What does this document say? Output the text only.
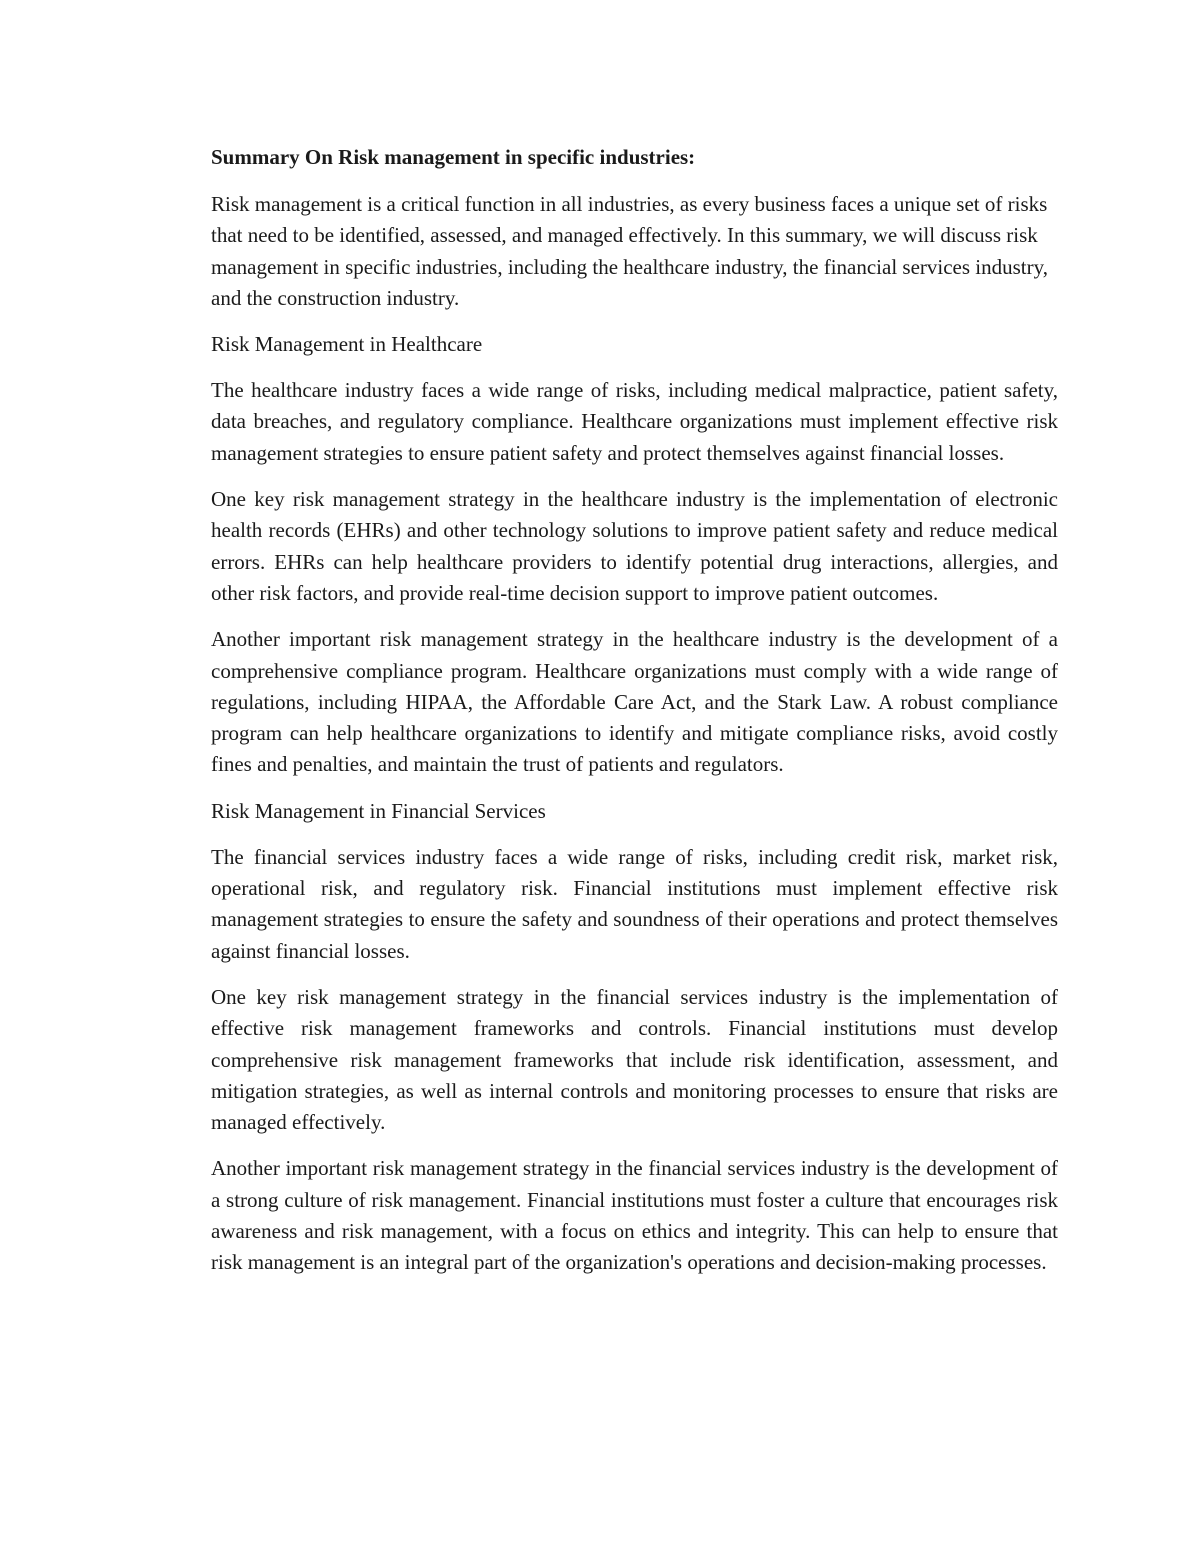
Summary On Risk management in specific industries:

Risk management is a critical function in all industries, as every business faces a unique set of risks that need to be identified, assessed, and managed effectively. In this summary, we will discuss risk management in specific industries, including the healthcare industry, the financial services industry, and the construction industry.

Risk Management in Healthcare

The healthcare industry faces a wide range of risks, including medical malpractice, patient safety, data breaches, and regulatory compliance. Healthcare organizations must implement effective risk management strategies to ensure patient safety and protect themselves against financial losses.

One key risk management strategy in the healthcare industry is the implementation of electronic health records (EHRs) and other technology solutions to improve patient safety and reduce medical errors. EHRs can help healthcare providers to identify potential drug interactions, allergies, and other risk factors, and provide real-time decision support to improve patient outcomes.

Another important risk management strategy in the healthcare industry is the development of a comprehensive compliance program. Healthcare organizations must comply with a wide range of regulations, including HIPAA, the Affordable Care Act, and the Stark Law. A robust compliance program can help healthcare organizations to identify and mitigate compliance risks, avoid costly fines and penalties, and maintain the trust of patients and regulators.

Risk Management in Financial Services

The financial services industry faces a wide range of risks, including credit risk, market risk, operational risk, and regulatory risk. Financial institutions must implement effective risk management strategies to ensure the safety and soundness of their operations and protect themselves against financial losses.

One key risk management strategy in the financial services industry is the implementation of effective risk management frameworks and controls. Financial institutions must develop comprehensive risk management frameworks that include risk identification, assessment, and mitigation strategies, as well as internal controls and monitoring processes to ensure that risks are managed effectively.

Another important risk management strategy in the financial services industry is the development of a strong culture of risk management. Financial institutions must foster a culture that encourages risk awareness and risk management, with a focus on ethics and integrity. This can help to ensure that risk management is an integral part of the organization's operations and decision-making processes.
